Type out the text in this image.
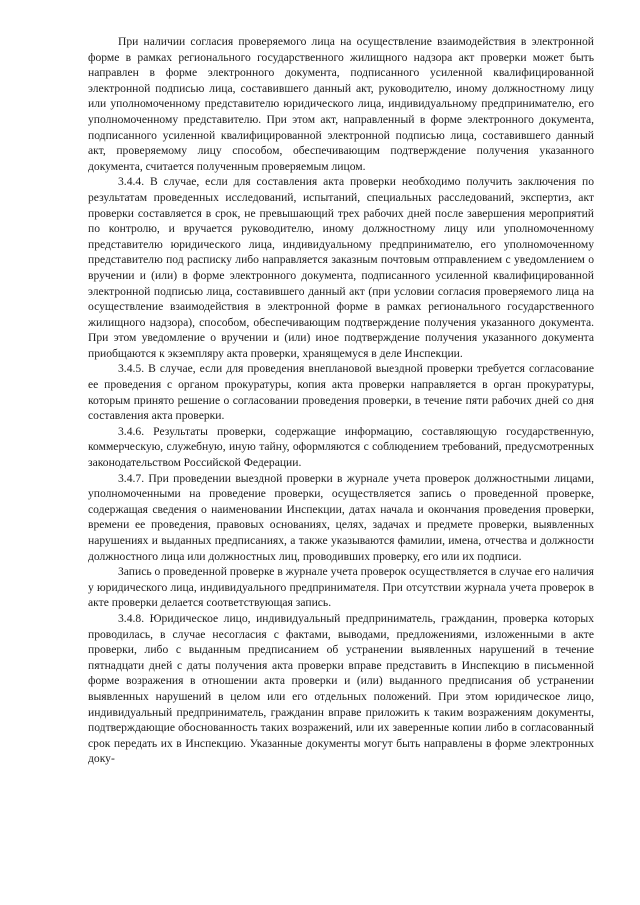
При наличии согласия проверяемого лица на осуществление взаимодействия в электронной форме в рамках регионального государственного жилищного надзора акт проверки может быть направлен в форме электронного документа, подписанного усиленной квалифицированной электронной подписью лица, составившего данный акт, руководителю, иному должностному лицу или уполномоченному представителю юридического лица, индивидуальному предпринимателю, его уполномоченному представителю. При этом акт, направленный в форме электронного документа, подписанного усиленной квалифицированной электронной подписью лица, составившего данный акт, проверяемому лицу способом, обеспечивающим подтверждение получения указанного документа, считается полученным проверяемым лицом.

3.4.4. В случае, если для составления акта проверки необходимо получить заключения по результатам проведенных исследований, испытаний, специальных расследований, экспертиз, акт проверки составляется в срок, не превышающий трех рабочих дней после завершения мероприятий по контролю, и вручается руководителю, иному должностному лицу или уполномоченному представителю юридического лица, индивидуальному предпринимателю, его уполномоченному представителю под расписку либо направляется заказным почтовым отправлением с уведомлением о вручении и (или) в форме электронного документа, подписанного усиленной квалифицированной электронной подписью лица, составившего данный акт (при условии согласия проверяемого лица на осуществление взаимодействия в электронной форме в рамках регионального государственного жилищного надзора), способом, обеспечивающим подтверждение получения указанного документа. При этом уведомление о вручении и (или) иное подтверждение получения указанного документа приобщаются к экземпляру акта проверки, хранящемуся в деле Инспекции.

3.4.5. В случае, если для проведения внеплановой выездной проверки требуется согласование ее проведения с органом прокуратуры, копия акта проверки направляется в орган прокуратуры, которым принято решение о согласовании проведения проверки, в течение пяти рабочих дней со дня составления акта проверки.

3.4.6. Результаты проверки, содержащие информацию, составляющую государственную, коммерческую, служебную, иную тайну, оформляются с соблюдением требований, предусмотренных законодательством Российской Федерации.

3.4.7. При проведении выездной проверки в журнале учета проверок должностными лицами, уполномоченными на проведение проверки, осуществляется запись о проведенной проверке, содержащая сведения о наименовании Инспекции, датах начала и окончания проведения проверки, времени ее проведения, правовых основаниях, целях, задачах и предмете проверки, выявленных нарушениях и выданных предписаниях, а также указываются фамилии, имена, отчества и должности должностного лица или должностных лиц, проводивших проверку, его или их подписи.

Запись о проведенной проверке в журнале учета проверок осуществляется в случае его наличия у юридического лица, индивидуального предпринимателя. При отсутствии журнала учета проверок в акте проверки делается соответствующая запись.

3.4.8. Юридическое лицо, индивидуальный предприниматель, гражданин, проверка которых проводилась, в случае несогласия с фактами, выводами, предложениями, изложенными в акте проверки, либо с выданным предписанием об устранении выявленных нарушений в течение пятнадцати дней с даты получения акта проверки вправе представить в Инспекцию в письменной форме возражения в отношении акта проверки и (или) выданного предписания об устранении выявленных нарушений в целом или его отдельных положений. При этом юридическое лицо, индивидуальный предприниматель, гражданин вправе приложить к таким возражениям документы, подтверждающие обоснованность таких возражений, или их заверенные копии либо в согласованный срок передать их в Инспекцию. Указанные документы могут быть направлены в форме электронных доку-
